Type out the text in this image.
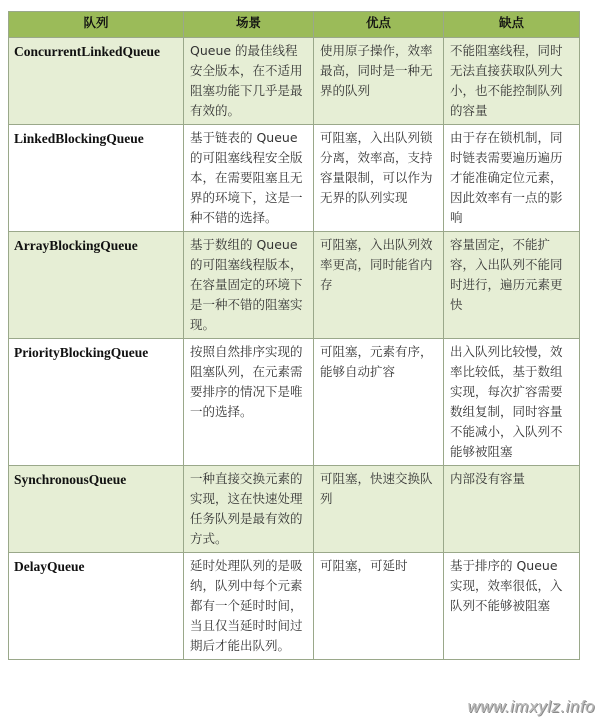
队列	场景	优点	缺点
ConcurrentLinkedQueue	Queue 的最佳线程安全版本，在不适用阻塞功能下几乎是最有效的。	使用原子操作，效率最高，同时是一种无界的队列	不能阻塞线程，同时无法直接获取队列大小，也不能控制队列的容量
LinkedBlockingQueue	基于链表的 Queue 的可阻塞线程安全版本，在需要阻塞且无界的环境下，这是一种不错的选择。	可阻塞，入出队列锁分离，效率高，支持容量限制，可以作为无界的队列实现	由于存在锁机制，同时链表需要遍历遍历才能准确定位元素，因此效率有一点的影响
ArrayBlockingQueue	基于数组的 Queue 的可阻塞线程版本，在容量固定的环境下是一种不错的阻塞实现。	可阻塞，入出队列效率更高，同时能省内存	容量固定，不能扩容，入出队列不能同时进行，遍历元素更快
PriorityBlockingQueue	按照自然排序实现的阻塞队列，在元素需要排序的情况下是唯一的选择。	可阻塞，元素有序，能够自动扩容	出入队列比较慢，效率比较低，基于数组实现，每次扩容需要数组复制，同时容量不能减小，入队列不能够被阻塞
SynchronousQueue	一种直接交换元素的实现，这在快速处理任务队列是最有效的方式。	可阻塞，快速交换队列	内部没有容量
DelayQueue	延时处理队列的是吸纳，队列中每个元素都有一个延时时间，当且仅当延时时间过期后才能出队列。	可阻塞，可延时	基于排序的 Queue 实现，效率很低，入队列不能够被阻塞
www.imxylz.info
